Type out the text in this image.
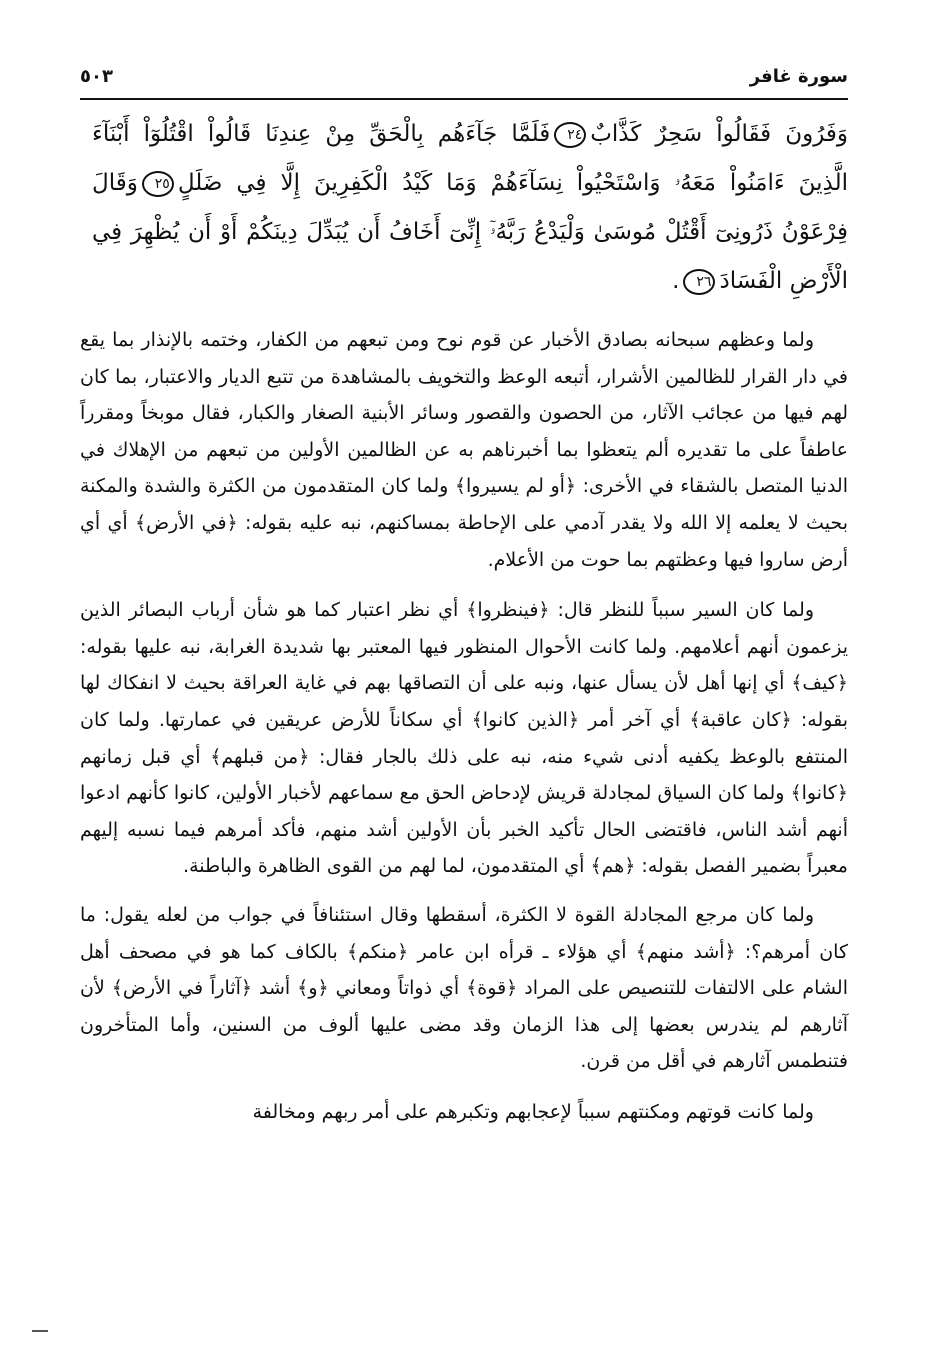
٥٠٣	سورة غافر
وَفَرُونَ فَقَالُواْ سَحِرٌ كَذَّابٌ٢٤فَلَمَّا جَآءَهُم بِالْحَقِّ مِنْ عِندِنَا قَالُواْ اقْتُلُوٓاْ أَبْنَآءَ
الَّذِينَ ءَامَنُواْ مَعَهُۥ وَاسْتَحْيُواْ نِسَآءَهُمْ وَمَا كَيْدُ الْكَفِرِينَ إِلَّا فِي ضَلَلٍ٢٥وَقَالَ
فِرْعَوْنُ ذَرُونِىٓ أَقْتُلْ مُوسَىٰ وَلْيَدْعُ رَبَّهُۥٓ إِنِّىٓ أَخَافُ أَن يُبَدِّلَ دِينَكُمْ أَوْ أَن يُظْهِرَ فِي
الْأَرْضِ الْفَسَادَ٢٦.

ولما وعظهم سبحانه بصادق الأخبار عن قوم نوح ومن تبعهم من الكفار، وختمه بالإنذار بما يقع في دار القرار للظالمين الأشرار، أتبعه الوعظ والتخويف بالمشاهدة من تتبع الديار والاعتبار، بما كان لهم فيها من عجائب الآثار، من الحصون والقصور وسائر الأبنية الصغار والكبار، فقال موبخاً ومقرراً عاطفاً على ما تقديره ألم يتعظوا بما أخبرناهم به عن الظالمين الأولين من تبعهم من الإهلاك في الدنيا المتصل بالشقاء في الأخرى: ﴿أو لم يسيروا﴾ ولما كان المتقدمون من الكثرة والشدة والمكنة بحيث لا يعلمه إلا الله ولا يقدر آدمي على الإحاطة بمساكنهم، نبه عليه بقوله: ﴿في الأرض﴾ أي أي أرض ساروا فيها وعظتهم بما حوت من الأعلام.

ولما كان السير سبباً للنظر قال: ﴿فينظروا﴾ أي نظر اعتبار كما هو شأن أرباب البصائر الذين يزعمون أنهم أعلامهم. ولما كانت الأحوال المنظور فيها المعتبر بها شديدة الغرابة، نبه عليها بقوله: ﴿كيف﴾ أي إنها أهل لأن يسأل عنها، ونبه على أن التصاقها بهم في غاية العراقة بحيث لا انفكاك لها بقوله: ﴿كان عاقبة﴾ أي آخر أمر ﴿الذين كانوا﴾ أي سكاناً للأرض عريقين في عمارتها. ولما كان المنتفع بالوعظ يكفيه أدنى شيء منه، نبه على ذلك بالجار فقال: ﴿من قبلهم﴾ أي قبل زمانهم ﴿كانوا﴾ ولما كان السياق لمجادلة قريش لإدحاض الحق مع سماعهم لأخبار الأولين، كانوا كأنهم ادعوا أنهم أشد الناس، فاقتضى الحال تأكيد الخبر بأن الأولين أشد منهم، فأكد أمرهم فيما نسبه إليهم معبراً بضمير الفصل بقوله: ﴿هم﴾ أي المتقدمون، لما لهم من القوى الظاهرة والباطنة.

ولما كان مرجع المجادلة القوة لا الكثرة، أسقطها وقال استئنافاً في جواب من لعله يقول: ما كان أمرهم؟: ﴿أشد منهم﴾ أي هؤلاء ـ قرأه ابن عامر ﴿منكم﴾ بالكاف كما هو في مصحف أهل الشام على الالتفات للتنصيص على المراد ﴿قوة﴾ أي ذواتاً ومعاني ﴿و﴾ أشد ﴿آثاراً في الأرض﴾ لأن آثارهم لم يندرس بعضها إلى هذا الزمان وقد مضى عليها ألوف من السنين، وأما المتأخرون فتنطمس آثارهم في أقل من قرن.

ولما كانت قوتهم ومكنتهم سبباً لإعجابهم وتكبرهم على أمر ربهم ومخالفة
